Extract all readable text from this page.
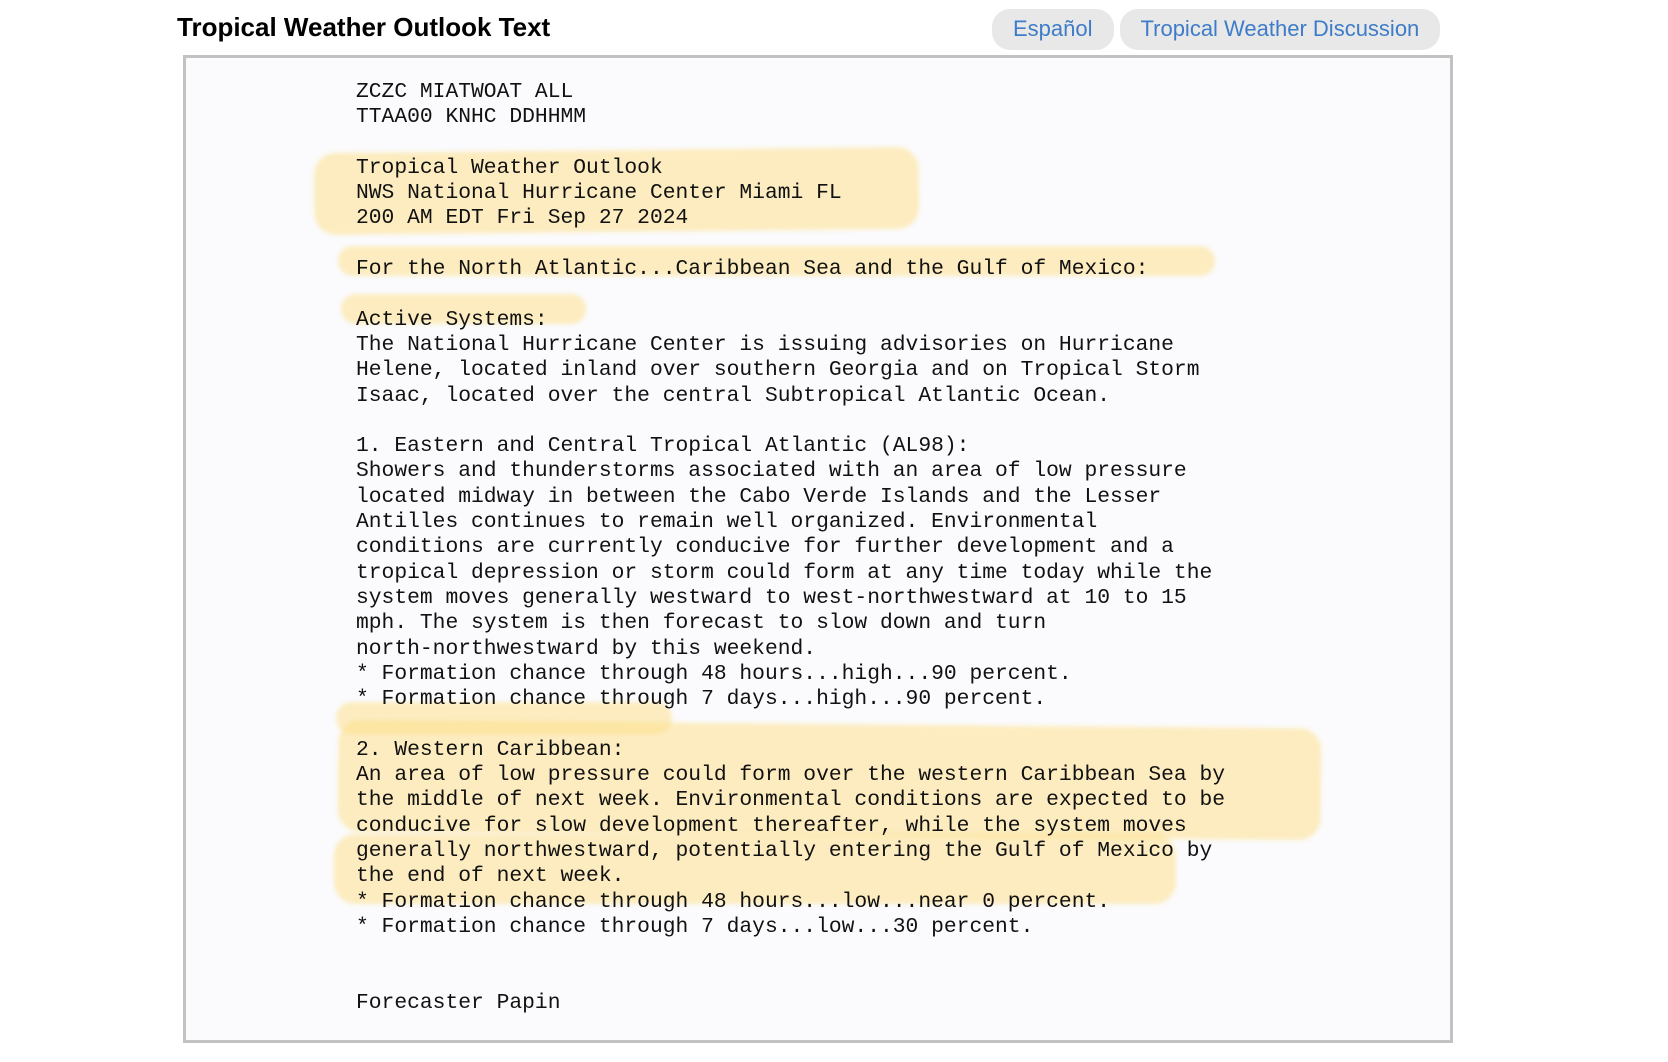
Tropical Weather Outlook Text	Español	Tropical Weather Discussion
ZCZC MIATWOAT ALL
TTAA00 KNHC DDHHMM
Tropical Weather Outlook
NWS National Hurricane Center Miami FL
200 AM EDT Fri Sep 27 2024
For the North Atlantic...Caribbean Sea and the Gulf of Mexico:
Active Systems:
The National Hurricane Center is issuing advisories on Hurricane
Helene, located inland over southern Georgia and on Tropical Storm
Isaac, located over the central Subtropical Atlantic Ocean.
1. Eastern and Central Tropical Atlantic (AL98):
Showers and thunderstorms associated with an area of low pressure
located midway in between the Cabo Verde Islands and the Lesser
Antilles continues to remain well organized. Environmental
conditions are currently conducive for further development and a
tropical depression or storm could form at any time today while the
system moves generally westward to west-northwestward at 10 to 15
mph. The system is then forecast to slow down and turn
north-northwestward by this weekend.
* Formation chance through 48 hours...high...90 percent.
* Formation chance through 7 days...high...90 percent.
2. Western Caribbean:
An area of low pressure could form over the western Caribbean Sea by
the middle of next week. Environmental conditions are expected to be
conducive for slow development thereafter, while the system moves
generally northwestward, potentially entering the Gulf of Mexico by
the end of next week.
* Formation chance through 48 hours...low...near 0 percent.
* Formation chance through 7 days...low...30 percent.
Forecaster Papin
